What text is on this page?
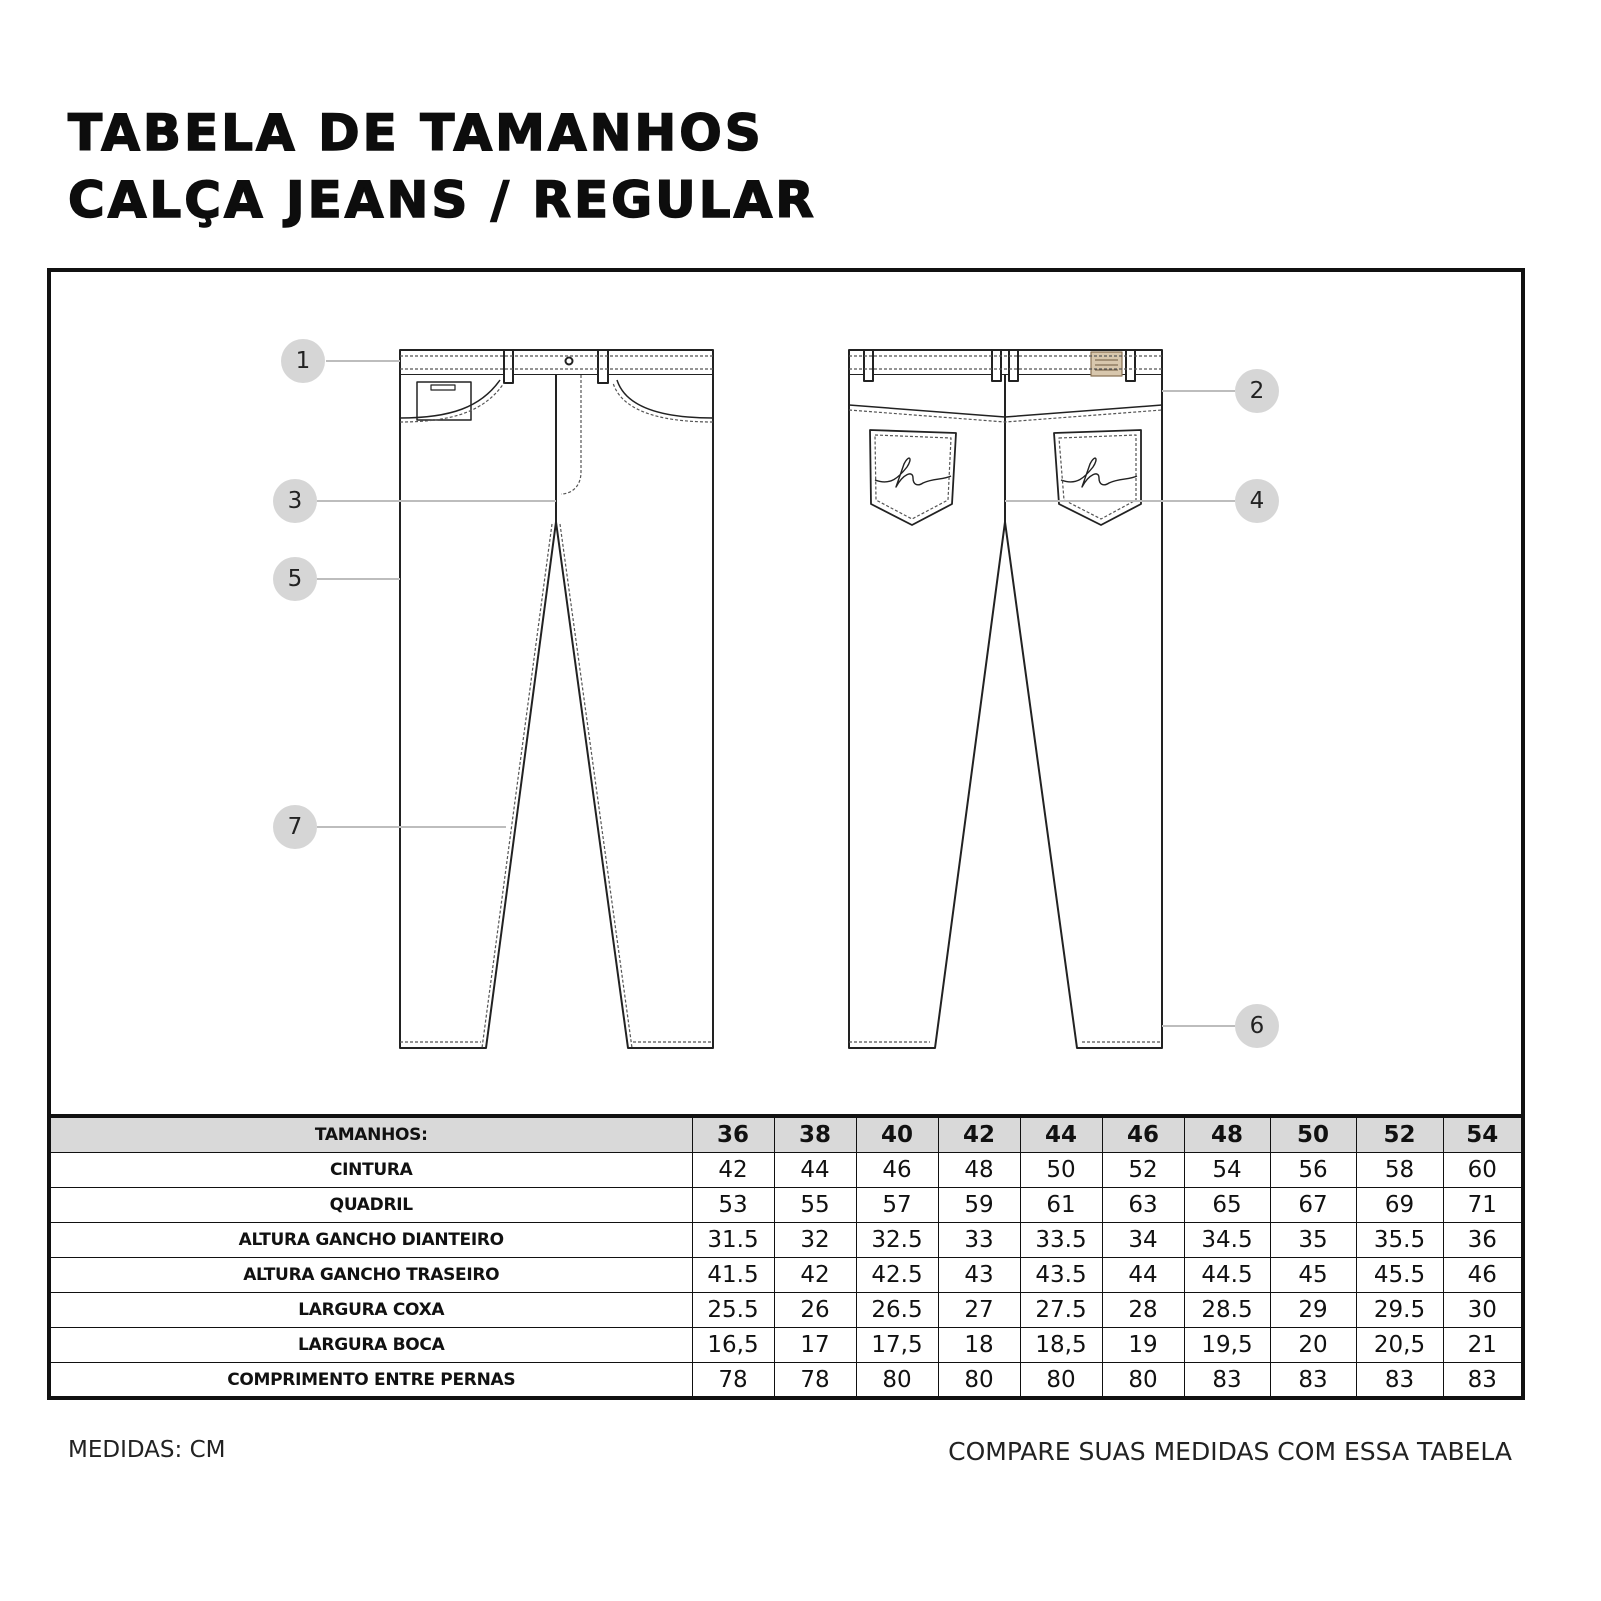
TABELA DE TAMANHOS
CALÇA JEANS / REGULAR
1
2
3	4
5
6
7
TAMANHOS:	36	38	40	42	44	46	48	50	52	54
CINTURA	42	44	46	48	50	52	54	56	58	60
QUADRIL	53	55	57	59	61	63	65	67	69	71
ALTURA GANCHO DIANTEIRO	31.5	32	32.5	33	33.5	34	34.5	35	35.5	36
ALTURA GANCHO TRASEIRO	41.5	42	42.5	43	43.5	44	44.5	45	45.5	46
LARGURA COXA	25.5	26	26.5	27	27.5	28	28.5	29	29.5	30
LARGURA BOCA	16,5	17	17,5	18	18,5	19	19,5	20	20,5	21
COMPRIMENTO ENTRE PERNAS	78	78	80	80	80	80	83	83	83	83
MEDIDAS: CM	COMPARE SUAS MEDIDAS COM ESSA TABELA
